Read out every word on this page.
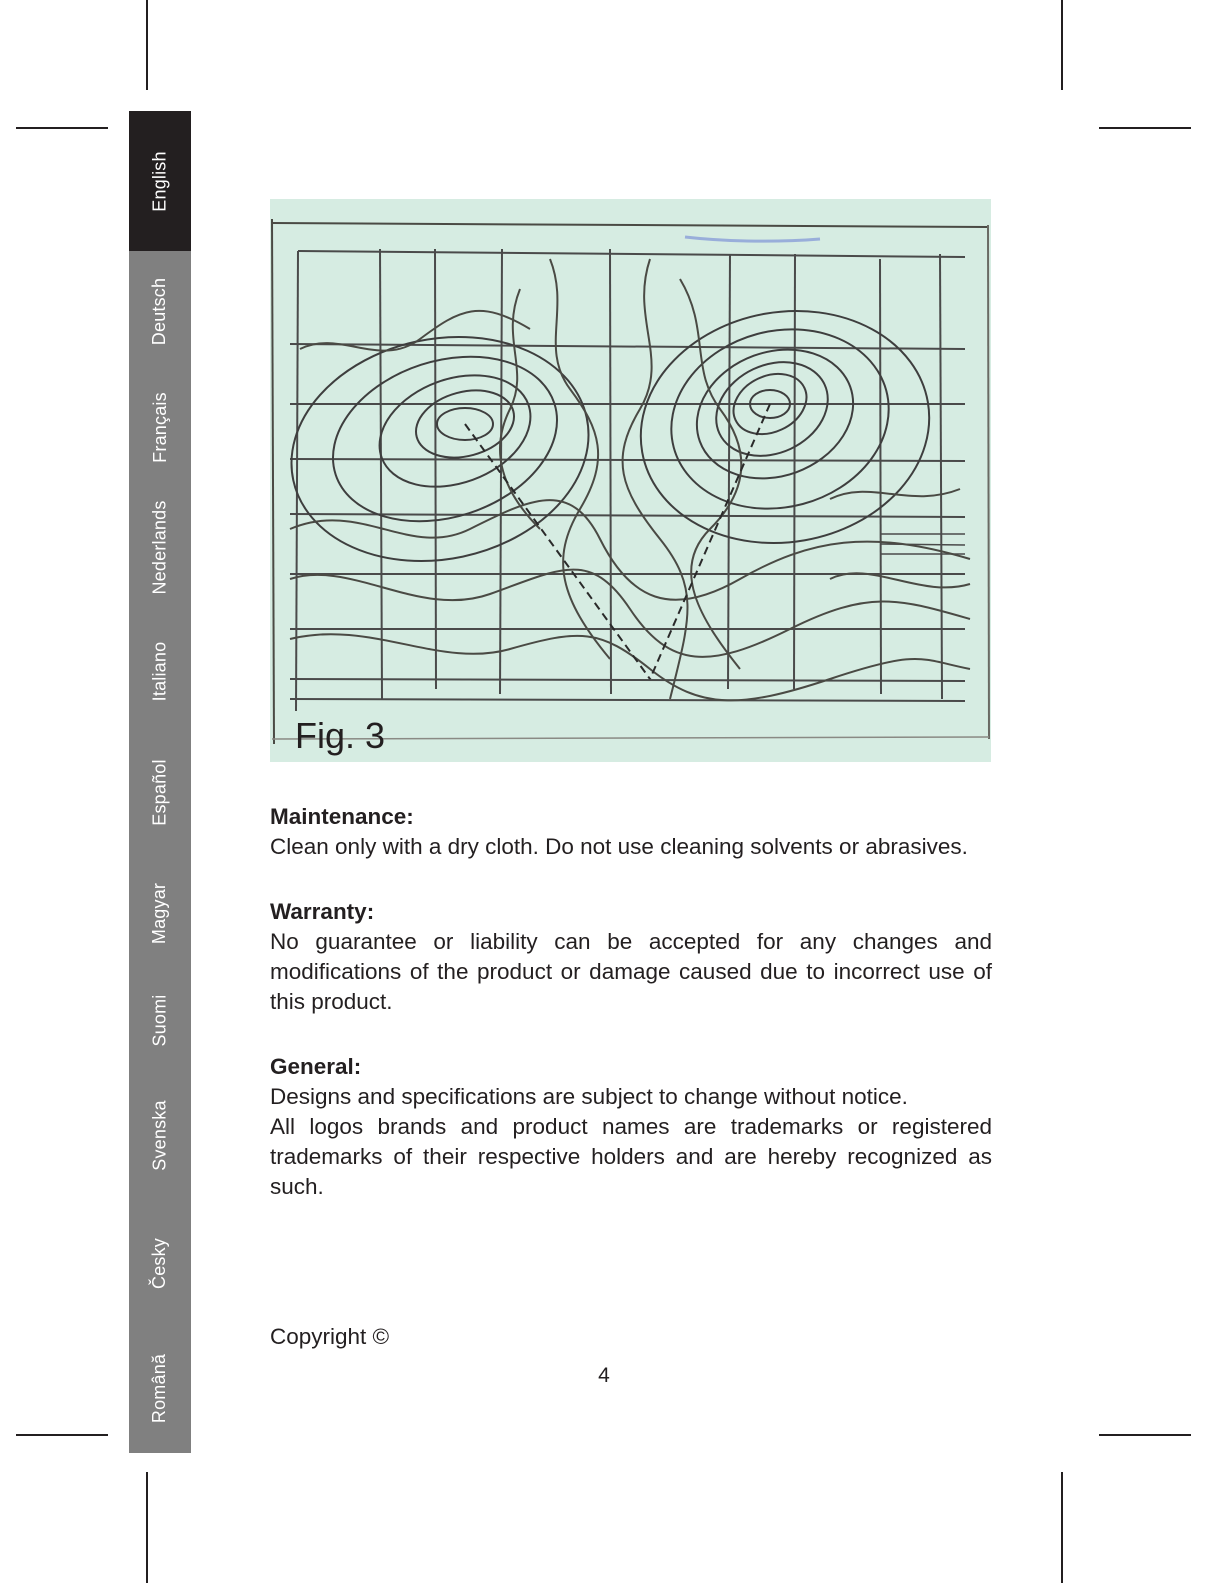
English
Deutsch
Français
Nederlands
Italiano
Español
Magyar
Suomi
Svenska
Česky
Română
Fig. 3
Maintenance:

Clean only with a dry cloth. Do not use cleaning solvents or abrasives.

Warranty:

No guarantee or liability can be accepted for any changes and modifications of the product or damage caused due to incorrect use of this product.

General:

Designs and specifications are subject to change without notice.

All logos brands and product names are trademarks or registered trademarks of their respective holders and are hereby recognized as such.

Copyright ©
4
